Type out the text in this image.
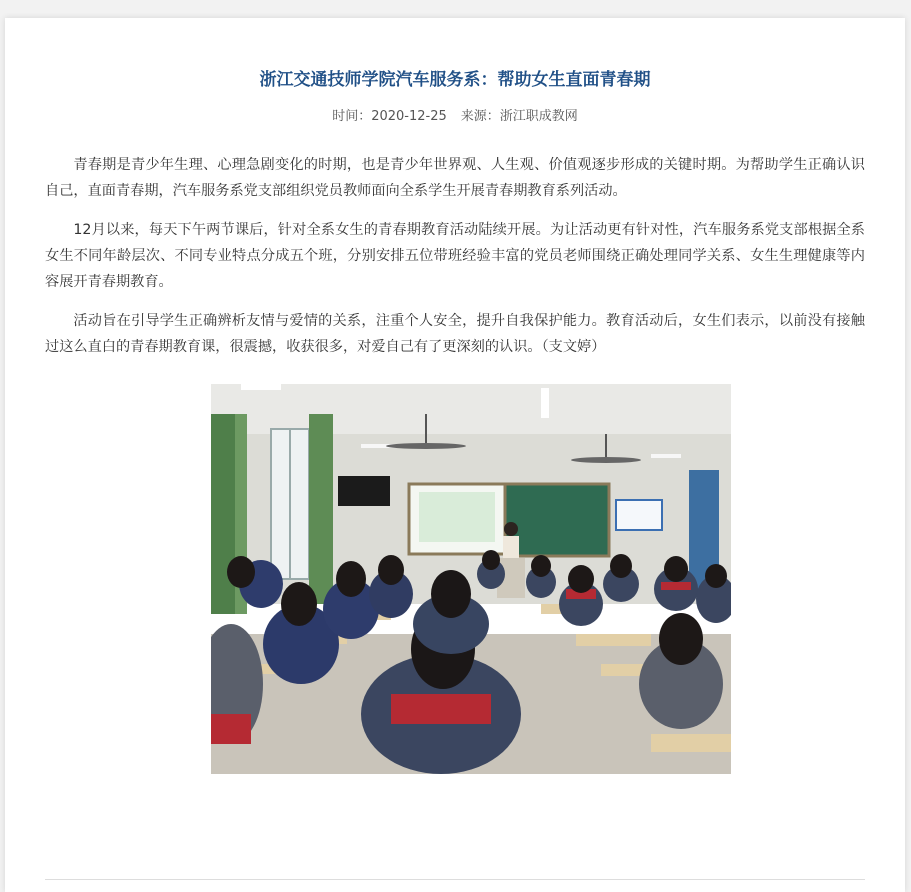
浙江交通技师学院汽车服务系：帮助女生直面青春期
时间：2020-12-25 来源：浙江职成教网

青春期是青少年生理、心理急剧变化的时期，也是青少年世界观、人生观、价值观逐步形成的关键时期。为帮助学生正确认识自己，直面青春期，汽车服务系党支部组织党员教师面向全系学生开展青春期教育系列活动。

12月以来，每天下午两节课后，针对全系女生的青春期教育活动陆续开展。为让活动更有针对性，汽车服务系党支部根据全系女生不同年龄层次、不同专业特点分成五个班，分别安排五位带班经验丰富的党员老师围绕正确处理同学关系、女生生理健康等内容展开青春期教育。

活动旨在引导学生正确辨析友情与爱情的关系，注重个人安全，提升自我保护能力。教育活动后，女生们表示，以前没有接触过这么直白的青春期教育课，很震撼，收获很多，对爱自己有了更深刻的认识。（支文婷）
